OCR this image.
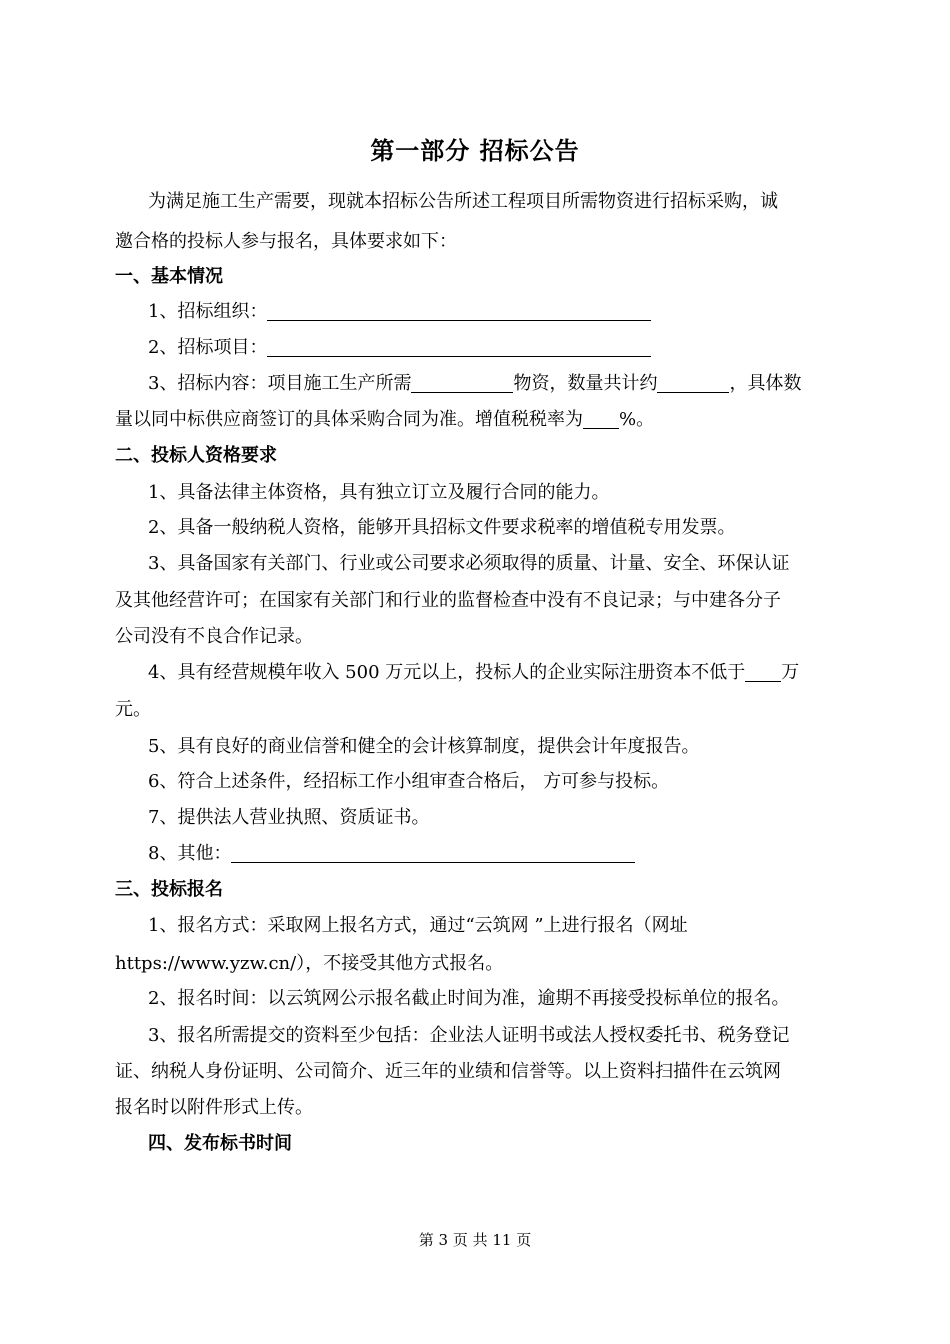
第一部分 招标公告
为满足施工生产需要，现就本招标公告所述工程项目所需物资进行招标采购，诚
邀合格的投标人参与报名，具体要求如下：
一、基本情况
1、招标组织：
2、招标项目：
3、招标内容：项目施工生产所需	物资，数量共计约	，具体数
量以同中标供应商签订的具体采购合同为准。增值税税率为 %。
二、投标人资格要求
1、具备法律主体资格，具有独立订立及履行合同的能力。
2、具备一般纳税人资格，能够开具招标文件要求税率的增值税专用发票。
3、具备国家有关部门、行业或公司要求必须取得的质量、计量、安全、环保认证
及其他经营许可；在国家有关部门和行业的监督检查中没有不良记录；与中建各分子
公司没有不良合作记录。
4、具有经营规模年收入 500 万元以上，投标人的企业实际注册资本不低于 万
元。
5、具有良好的商业信誉和健全的会计核算制度，提供会计年度报告。
6、符合上述条件，经招标工作小组审查合格后， 方可参与投标。
7、提供法人营业执照、资质证书。
8、其他：
三、投标报名
1、报名方式：采取网上报名方式，通过“云筑网 ”上进行报名（网址
https://www.yzw.cn/），不接受其他方式报名。
2、报名时间：以云筑网公示报名截止时间为准，逾期不再接受投标单位的报名。
3、报名所需提交的资料至少包括：企业法人证明书或法人授权委托书、税务登记
证、纳税人身份证明、公司简介、近三年的业绩和信誉等。以上资料扫描件在云筑网
报名时以附件形式上传。
四、发布标书时间
第 3 页 共 11 页
